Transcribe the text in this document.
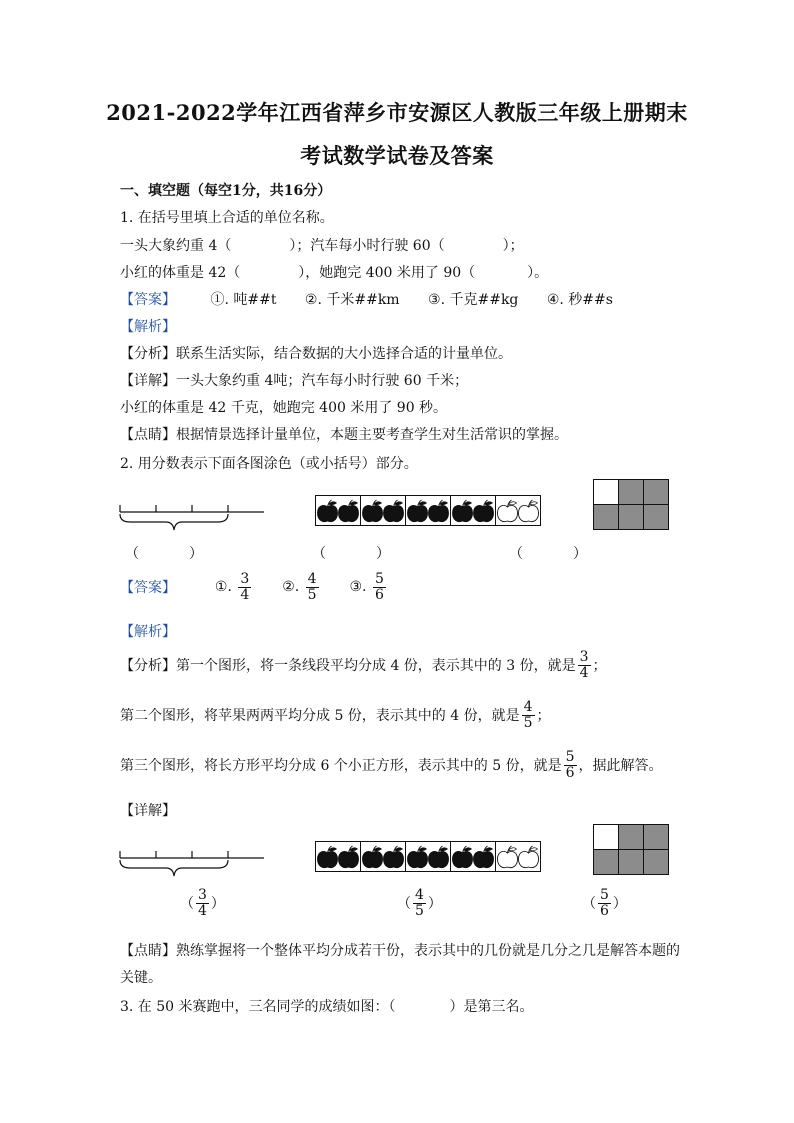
2021-2022学年江西省萍乡市安源区人教版三年级上册期末
考试数学试卷及答案
一、填空题（每空1分，共16分）
1. 在括号里填上合适的单位名称。
一头大象约重 4（	）；汽车每小时行驶 60（	）；
小红的体重是 42（	），她跑完 400 米用了 90（	）。
【答案】 ①. 吨##t ②. 千米##km ③. 千克##kg ④. 秒##s
【解析】
【分析】联系生活实际，结合数据的大小选择合适的计量单位。
【详解】一头大象约重 4吨；汽车每小时行驶 60 千米；
小红的体重是 42 千克，她跑完 400 米用了 90 秒。
【点睛】根据情景选择计量单位，本题主要考查学生对生活常识的掌握。
2. 用分数表示下面各图涂色（或小括号）部分。
（	）	（	）	（	）
【答案】	①. $\frac{3}{4}$ ②. $\frac{4}{5}$ ③. $\frac{5}{6}$
【解析】
【分析】第一个图形，将一条线段平均分成 4 份，表示其中的 3 份，就是 $\frac{3}{4}$ ；
第二个图形，将苹果两两平均分成 5 份，表示其中的 4 份，就是 $\frac{4}{5}$ ；
第三个图形，将长方形平均分成 6 个小正方形，表示其中的 5 份，就是 $\frac{5}{6}$ ，据此解答。
【详解】
（ $\frac{3}{4}$ ）	（ $\frac{4}{5}$ ）	（ $\frac{5}{6}$ ）
【点睛】熟练掌握将一个整体平均分成若干份，表示其中的几份就是几分之几是解答本题的
关键。
3. 在 50 米赛跑中，三名同学的成绩如图：（	）是第三名。
